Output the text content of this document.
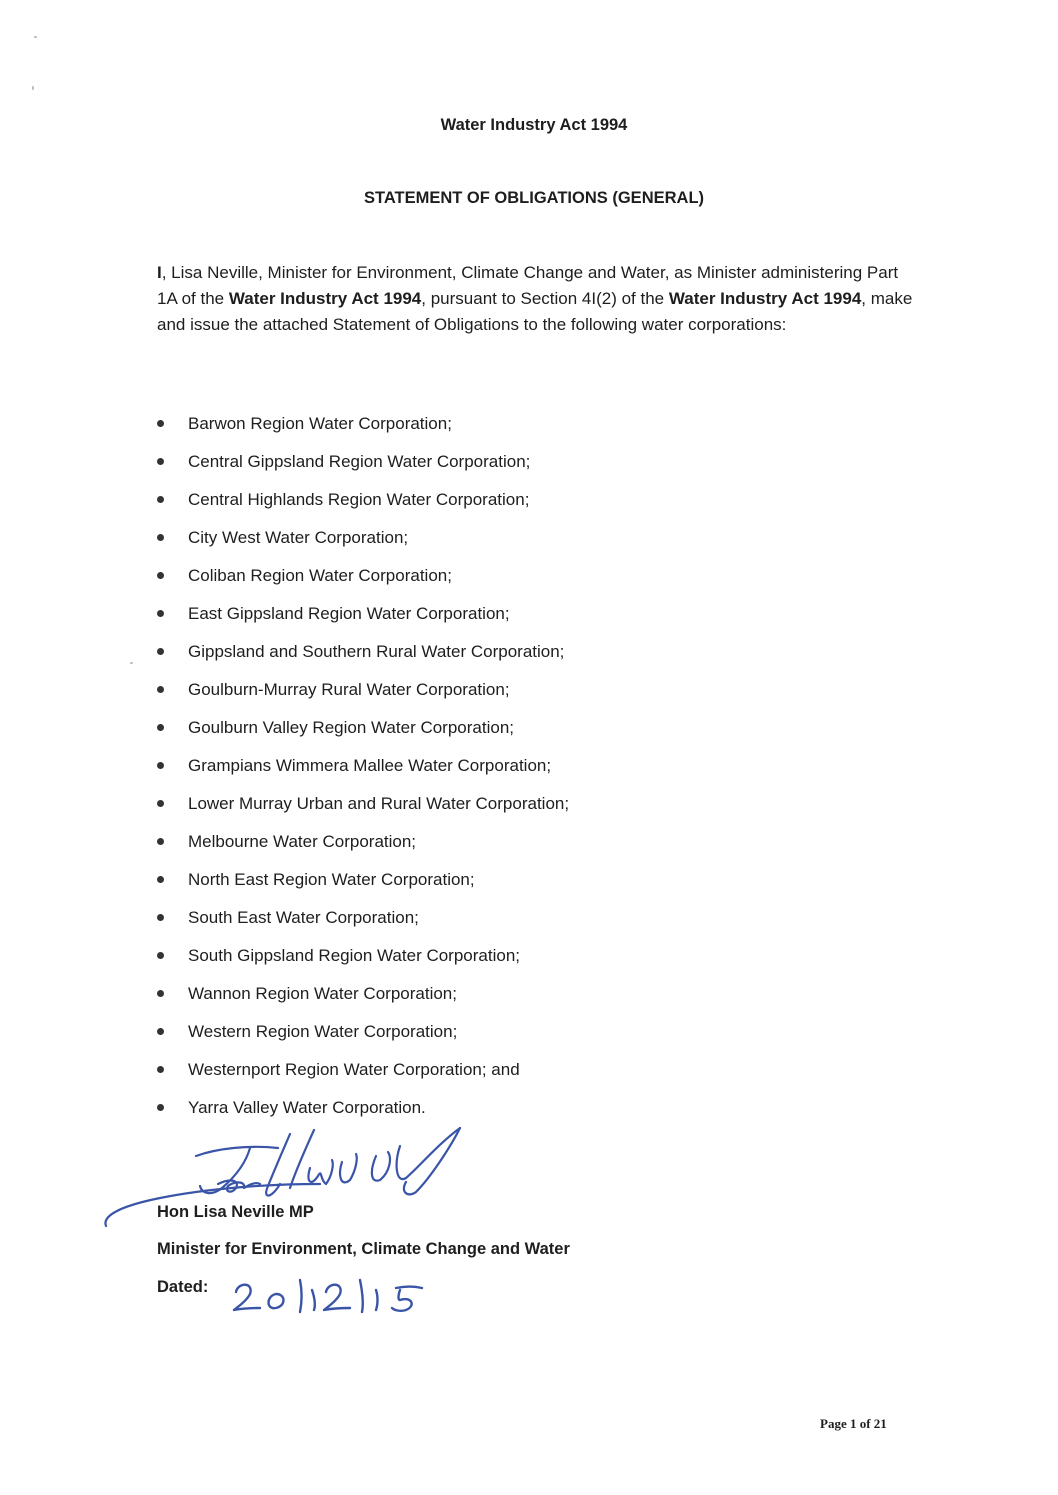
Water Industry Act 1994
STATEMENT OF OBLIGATIONS (GENERAL)

I, Lisa Neville, Minister for Environment, Climate Change and Water, as Minister administering Part 1A of the Water Industry Act 1994, pursuant to Section 4I(2) of the Water Industry Act 1994, make and issue the attached Statement of Obligations to the following water corporations:

Barwon Region Water Corporation;
Central Gippsland Region Water Corporation;
Central Highlands Region Water Corporation;
City West Water Corporation;
Coliban Region Water Corporation;
East Gippsland Region Water Corporation;
Gippsland and Southern Rural Water Corporation;
Goulburn-Murray Rural Water Corporation;
Goulburn Valley Region Water Corporation;
Grampians Wimmera Mallee Water Corporation;
Lower Murray Urban and Rural Water Corporation;
Melbourne Water Corporation;
North East Region Water Corporation;
South East Water Corporation;
South Gippsland Region Water Corporation;
Wannon Region Water Corporation;
Western Region Water Corporation;
Westernport Region Water Corporation; and
Yarra Valley Water Corporation.

Hon Lisa Neville MP

Minister for Environment, Climate Change and Water

Dated:

Page 1 of 21
